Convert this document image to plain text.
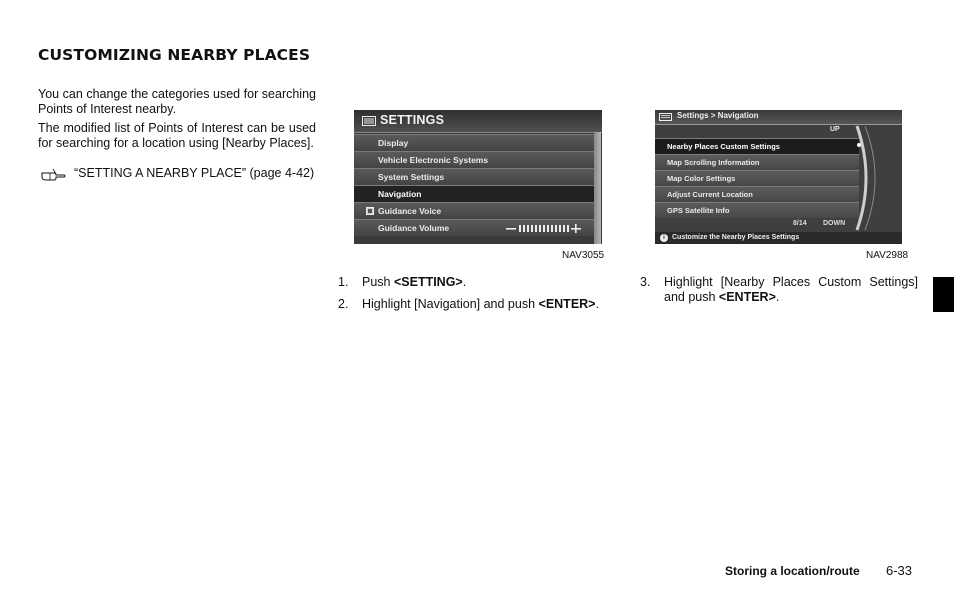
CUSTOMIZING NEARBY PLACES
You can change the categories used for searching Points of Interest nearby.
The modified list of Points of Interest can be used for searching for a location using [Nearby Places].
“SETTING A NEARBY PLACE” (page 4-42)
SETTINGS
Display
Vehicle Electronic Systems
System Settings
Navigation
Guidance Voice
Guidance Volume
NAV3055
Settings > Navigation
UP
Nearby Places Custom Settings
Map Scrolling Information
Map Color Settings
Adjust Current Location
GPS Satellite Info
8/14 DOWN
i	Customize the Nearby Places Settings
NAV2988
1. Push <SETTING>.
2. Highlight [Navigation] and push <ENTER>.
3. Highlight [Nearby Places Custom Settings] and push <ENTER>.
Storing a location/route 6-33
